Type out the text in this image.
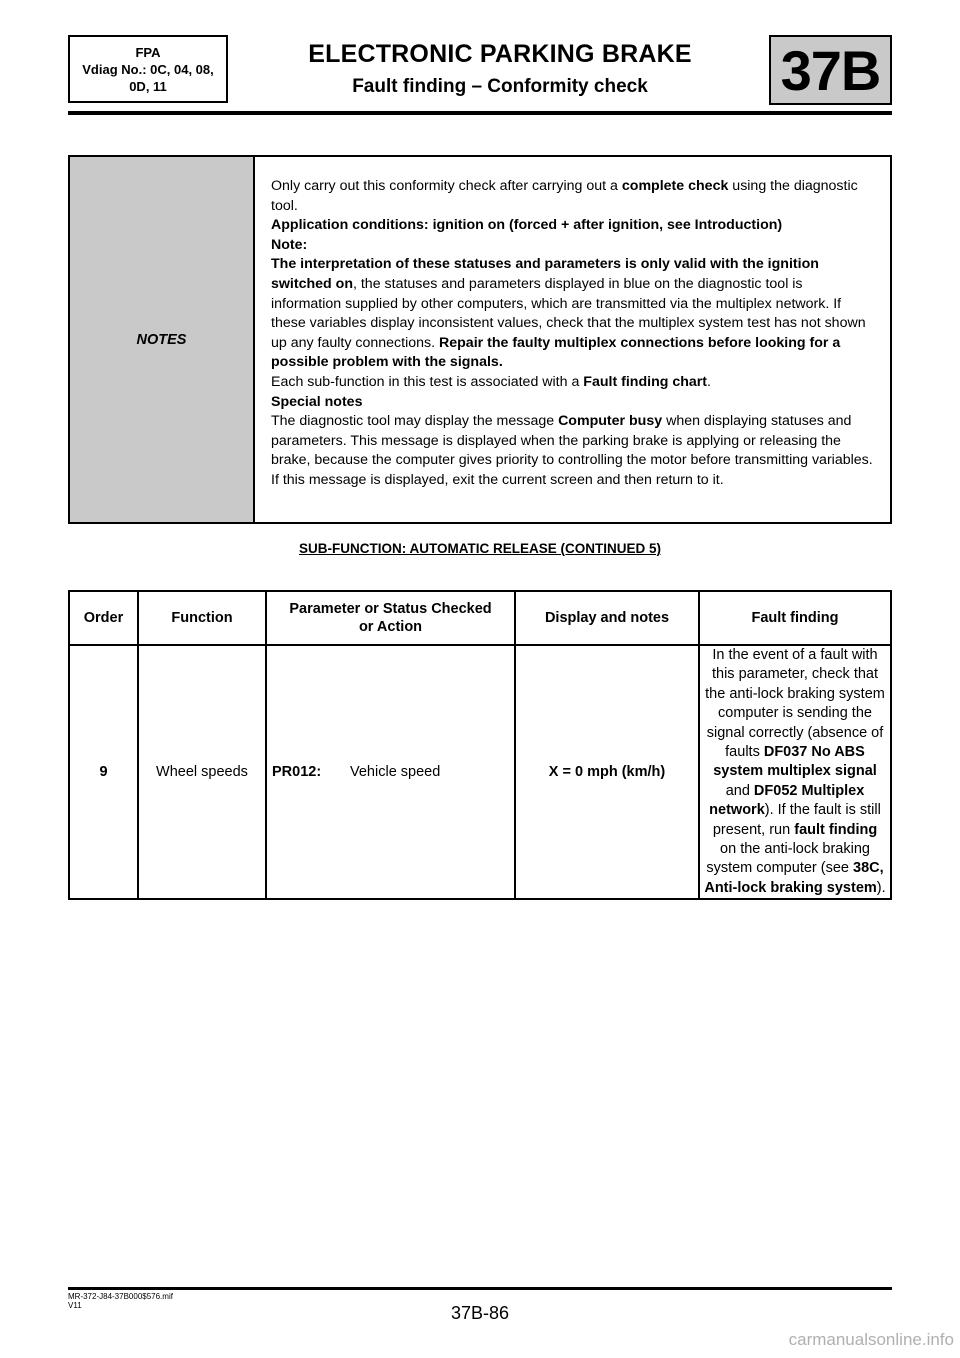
FPA
Vdiag No.: 0C, 04, 08,
0D, 11
ELECTRONIC PARKING BRAKE
Fault finding – Conformity check	37B
NOTES

Only carry out this conformity check after carrying out a complete check using the diagnostic tool.

Application conditions: ignition on (forced + after ignition, see Introduction)

Note:

The interpretation of these statuses and parameters is only valid with the ignition switched on, the statuses and parameters displayed in blue on the diagnostic tool is information supplied by other computers, which are transmitted via the multiplex network. If these variables display inconsistent values, check that the multiplex system test has not shown up any faulty connections. Repair the faulty multiplex connections before looking for a possible problem with the signals.

Each sub-function in this test is associated with a Fault finding chart.

Special notes

The diagnostic tool may display the message Computer busy when displaying statuses and parameters. This message is displayed when the parking brake is applying or releasing the brake, because the computer gives priority to controlling the motor before transmitting variables. If this message is displayed, exit the current screen and then return to it.

SUB-FUNCTION: AUTOMATIC RELEASE (CONTINUED 5)
Order	Function	Parameter or Status Checked or Action	Display and notes	Fault finding
9	Wheel speeds	PR012: Vehicle speed	X = 0 mph (km/h)	In the event of a fault with this parameter, check that the anti-lock braking system computer is sending the signal correctly (absence of faults DF037 No ABS system multiplex signal and DF052 Multiplex network). If the fault is still present, run fault finding on the anti-lock braking system computer (see 38C, Anti-lock braking system).
MR-372-J84-37B000$576.mif
V11	37B-86
carmanualsonline.info
